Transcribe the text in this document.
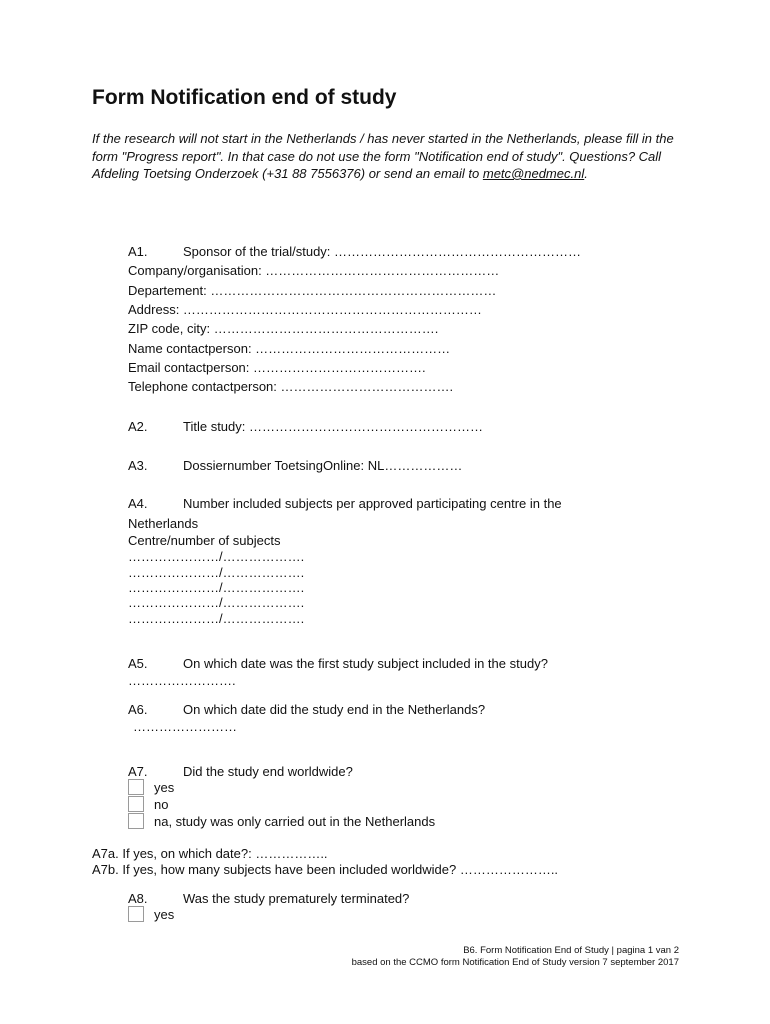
Form Notification end of study

If the research will not start in the Netherlands / has never started in the Netherlands, please fill in the form "Progress report". In that case do not use the form "Notification end of study". Questions? Call Afdeling Toetsing Onderzoek (+31 88 7556376) or send an email to metc@nedmec.nl.

A1.	Sponsor of the trial/study: …………………………………………………
Company/organisation: ………………………………………………
Departement: …………………………………………………………
Address: ……………………………………………………………
ZIP code, city: …………………………………………….
Name contactperson: ………………………………………
Email contactperson: ………………………………….
Telephone contactperson: ………………………………….
A2.	Title study: ………………………………………………
A3.	Dossiernumber ToetsingOnline: NL………………
A4.	Number included subjects per approved participating centre in the
Netherlands
Centre/number of subjects
…………………/……………….
…………………/……………….
…………………/……………….
…………………/……………….
…………………/……………….
A5.	On which date was the first study subject included in the study?
…………………….
A6.	On which date did the study end in the Netherlands?
……………………
A7.	Did the study end worldwide?
yes
no
na, study was only carried out in the Netherlands
A7a. If yes, on which date?: ……………..
A7b. If yes, how many subjects have been included worldwide? …………………..
A8.	Was the study prematurely terminated?
yes
B6. Form Notification End of Study | pagina 1 van 2
based on the CCMO form Notification End of Study version 7 september 2017
